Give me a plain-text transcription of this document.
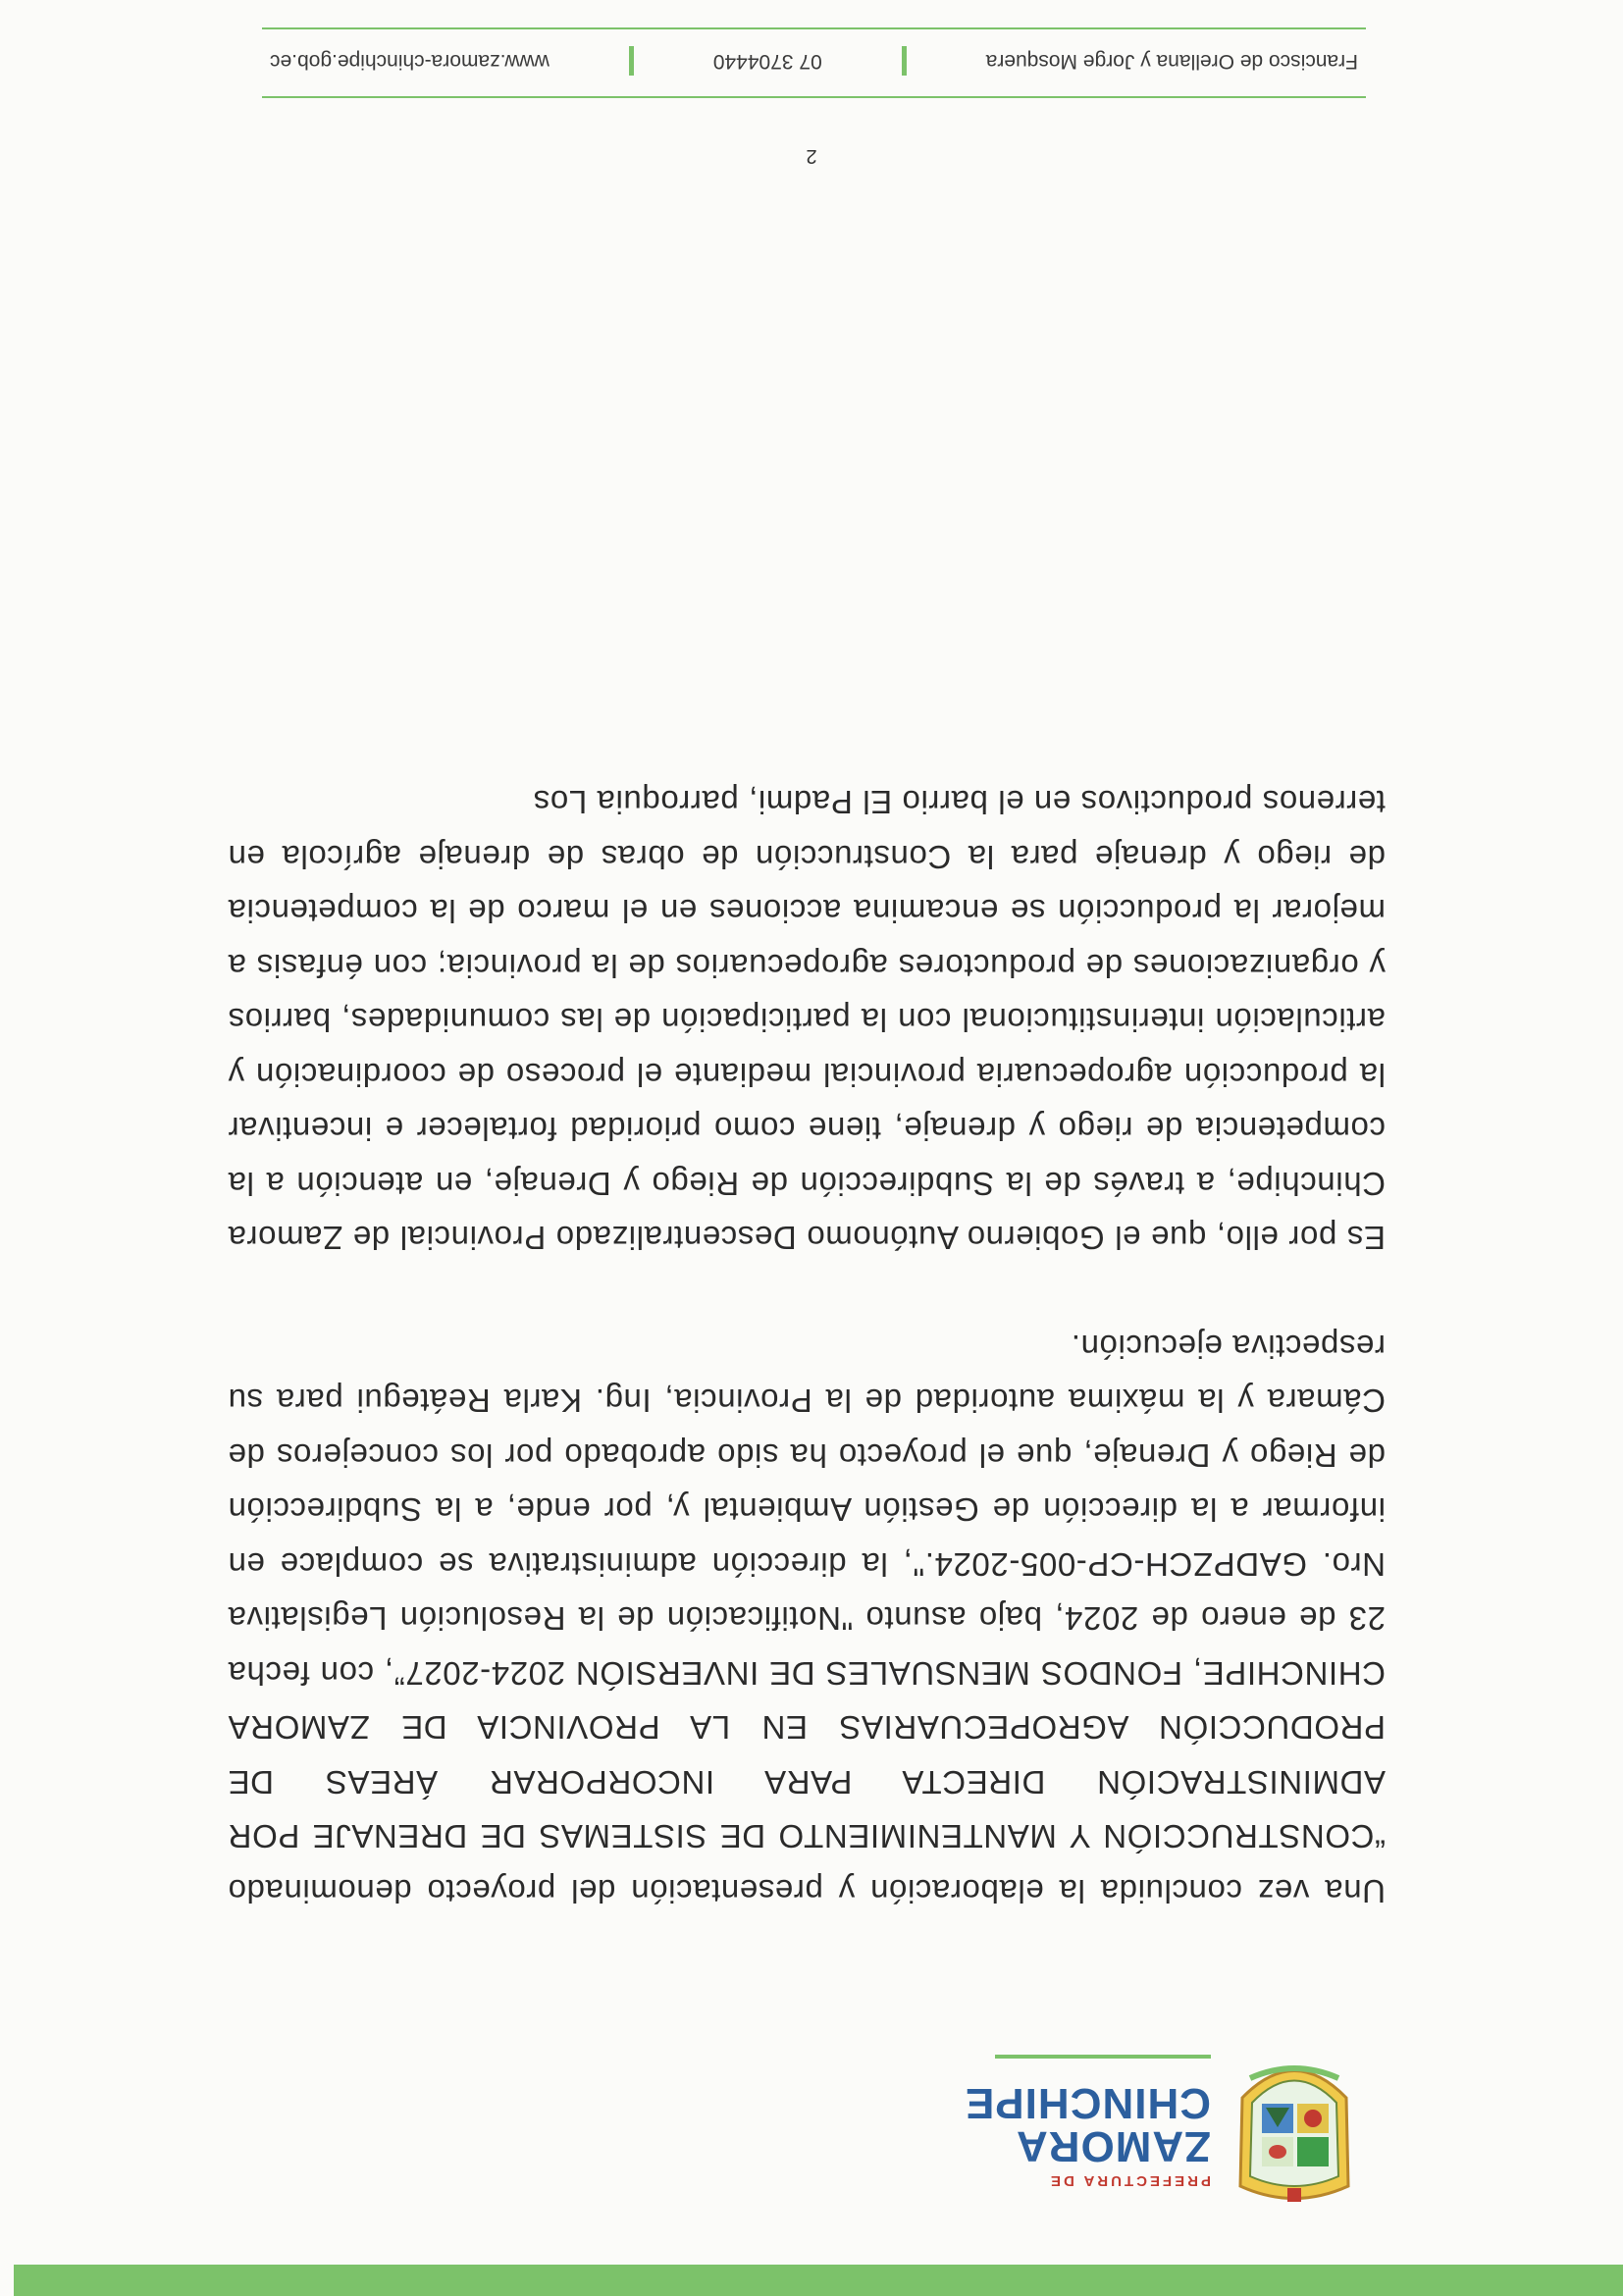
PREFECTURA DE
ZAMORA
CHINCHIPE

Una vez concluida la elaboración y presentación del proyecto denominado “CONSTRUCCIÓN Y MANTENIMIENTO DE SISTEMAS DE DRENAJE POR ADMINISTRACIÓN DIRECTA PARA INCORPORAR ÁREAS DE PRODUCCIÓN AGROPECUARIAS EN LA PROVINCIA DE ZAMORA CHINCHIPE, FONDOS MENSUALES DE INVERSIÓN 2024-2027”, con fecha 23 de enero de 2024, bajo asunto "Notificación de la Resolución Legislativa Nro. GADPZCH-CP-005-2024.", la dirección administrativa se complace en informar a la dirección de Gestión Ambiental y, por ende, a la Subdirección de Riego y Drenaje, que el proyecto ha sido aprobado por los concejeros de Cámara y la máxima autoridad de la Provincia, Ing. Karla Reátegui para su respectiva ejecución.

Es por ello, que el Gobierno Autónomo Descentralizado Provincial de Zamora Chinchipe, a través de la Subdirección de Riego y Drenaje, en atención a la competencia de riego y drenaje, tiene como prioridad fortalecer e incentivar la producción agropecuaria provincial mediante el proceso de coordinación y articulación interinstitucional con la participación de las comunidades, barrios y organizaciones de productores agropecuarios de la provincia; con énfasis a mejorar la producción se encamina acciones en el marco de la competencia de riego y drenaje para la Construcción de obras de drenaje agrícola en terrenos productivos en el barrio El Padmi, parroquia Los

2
Francisco de Orellana y Jorge Mosquera
07 3704440
www.zamora-chinchipe.gob.ec
